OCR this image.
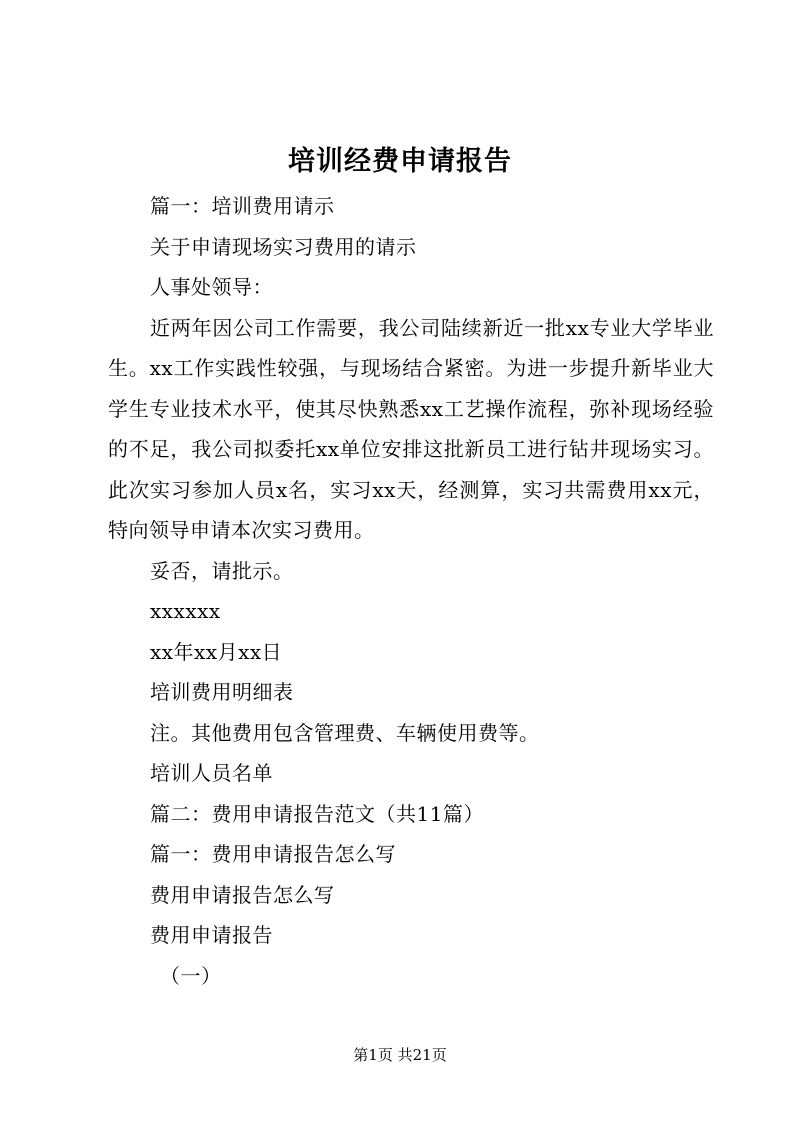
培训经费申请报告

篇一：培训费用请示

关于申请现场实习费用的请示

人事处领导：

近两年因公司工作需要，我公司陆续新近一批xx专业大学毕业生。xx工作实践性较强，与现场结合紧密。为进一步提升新毕业大学生专业技术水平，使其尽快熟悉xx工艺操作流程，弥补现场经验的不足，我公司拟委托xx单位安排这批新员工进行钻井现场实习。此次实习参加人员x名，实习xx天，经测算，实习共需费用xx元，特向领导申请本次实习费用。

妥否，请批示。

xxxxxx

xx年xx月xx日

培训费用明细表

注。其他费用包含管理费、车辆使用费等。

培训人员名单

篇二：费用申请报告范文（共11篇）

篇一：费用申请报告怎么写

费用申请报告怎么写

费用申请报告

（一）

第1页 共21页
